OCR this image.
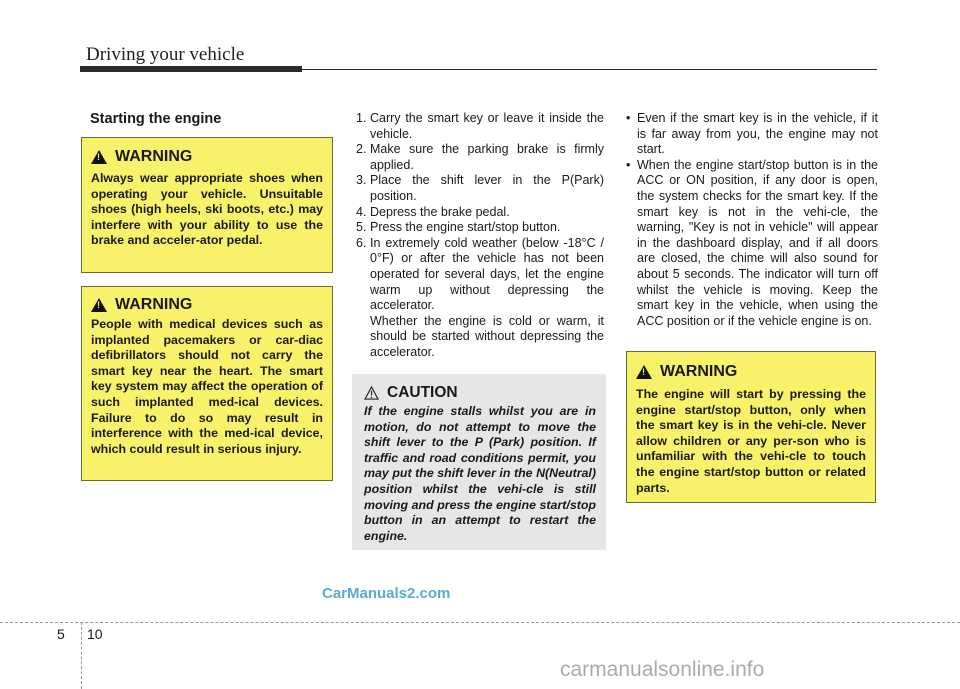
Driving your vehicle
Starting the engine
!
WARNING
Always wear appropriate shoes when operating your vehicle. Unsuitable shoes (high heels, ski boots, etc.) may interfere with your ability to use the brake and acceler-ator pedal.
!
WARNING
People with medical devices such as implanted pacemakers or car-diac defibrillators should not carry the smart key near the heart. The smart key system may affect the operation of such implanted med-ical devices. Failure to do so may result in interference with the med-ical device, which could result in serious injury.
1. Carry the smart key or leave it inside the vehicle.
2. Make sure the parking brake is firmly applied.
3. Place the shift lever in the P(Park) position.
4. Depress the brake pedal.
5. Press the engine start/stop button.
6. In extremely cold weather (below -18°C / 0°F) or after the vehicle has not been operated for several days, let the engine warm up without depressing the accelerator.
Whether the engine is cold or warm, it should be started without depressing the accelerator.
CAUTION
If the engine stalls whilst you are in motion, do not attempt to move the shift lever to the P (Park) position. If traffic and road conditions permit, you may put the shift lever in the N(Neutral) position whilst the vehi-cle is still moving and press the engine start/stop button in an attempt to restart the engine.
• Even if the smart key is in the vehicle, if it is far away from you, the engine may not start.
• When the engine start/stop button is in the ACC or ON position, if any door is open, the system checks for the smart key. If the smart key is not in the vehi-cle, the warning, "Key is not in vehicle" will appear in the dashboard display, and if all doors are closed, the chime will also sound for about 5 seconds. The indicator will turn off whilst the vehicle is moving. Keep the smart key in the vehicle, when using the ACC position or if the vehicle engine is on.
!
WARNING
The engine will start by pressing the engine start/stop button, only when the smart key is in the vehi-cle. Never allow children or any per-son who is unfamiliar with the vehi-cle to touch the engine start/stop button or related parts.
CarManuals2.com
5 10
carmanualsonline.info
